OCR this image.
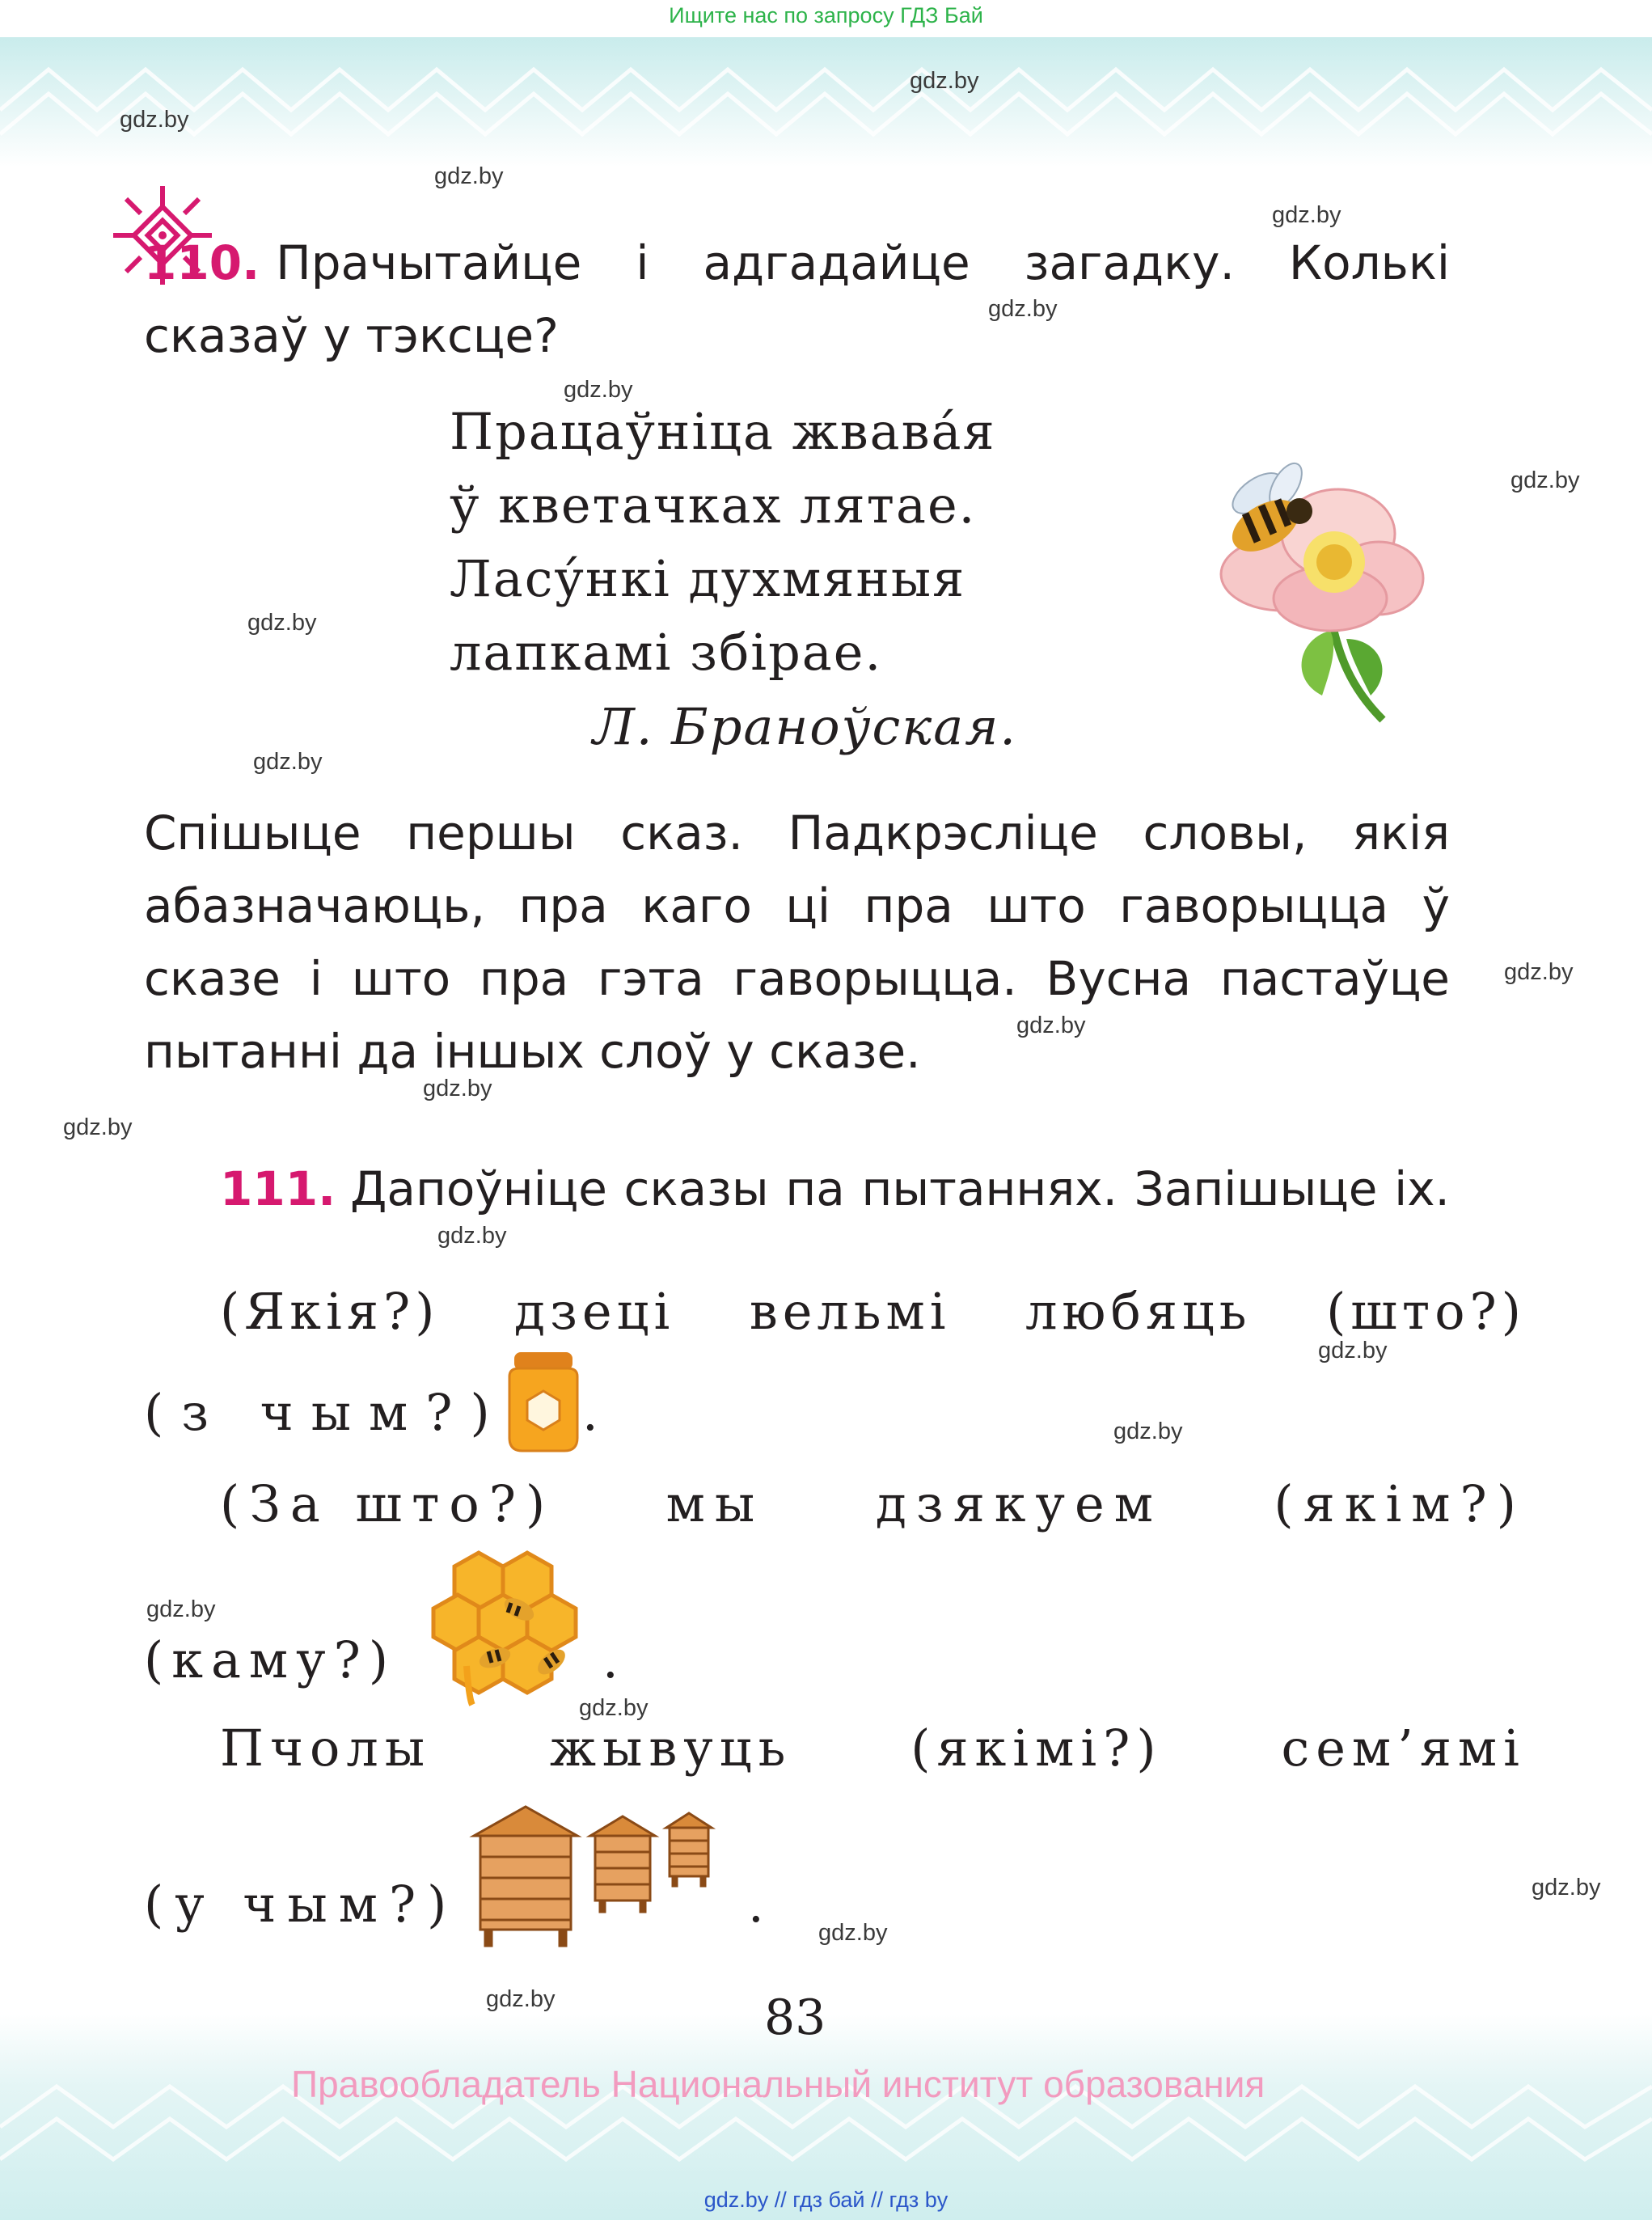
Ищите нас по запросу ГДЗ Бай
gdz.by
gdz.by
gdz.by
gdz.by
gdz.by
gdz.by
gdz.by
gdz.by
gdz.by
gdz.by
gdz.by
gdz.by
gdz.by
gdz.by
gdz.by
gdz.by
gdz.by
gdz.by
gdz.by
gdz.by
gdz.by
110. Прачытайце і адгадайце загадку. Колькі
сказаў у тэксце?
Працаўніца жвава́я
ў кветачках лятае.
Ласу́нкі духмяныя
лапкамі збірае.
Л. Браноўская.
Спішыце першы сказ. Падкрэсліце словы, якія
абазначаюць, пра каго ці пра што гаворыцца ў
сказе і што пра гэта гаворыцца. Вусна пастаўце
пытанні да іншых слоў у сказе.
111. Дапоўніце сказы па пытаннях. Запішыце іх.
(Якія?) дзеці вельмі любяць (што?)
(з чым?) .
(За што?) мы дзякуем (якім?)
(каму?)	.
Пчолы жывуць (якімі?) сем’ямі
(у чым?)	.
83
Правообладатель Национальный институт образования
gdz.by // гдз бай // гдз by
